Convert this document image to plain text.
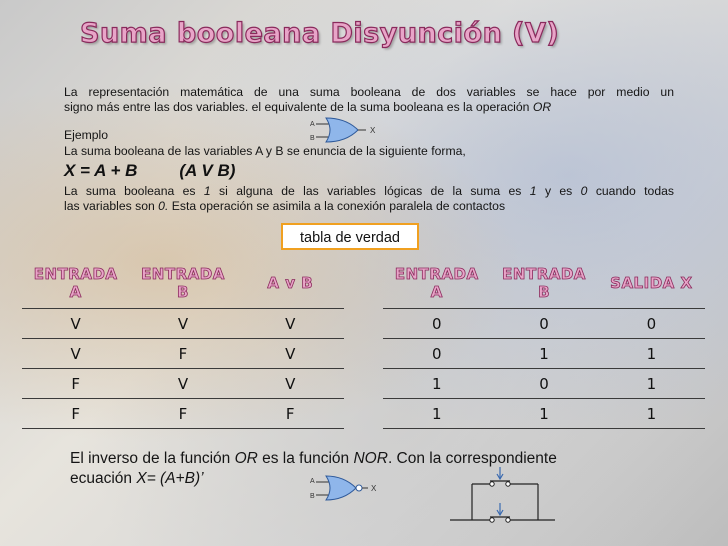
Suma booleana Disyunción (V)
La representación matemática de una suma booleana de dos variables se hace por medio un
signo más entre las dos variables. el equivalente de la suma booleana es la operación OR
A
B
X
Ejemplo
La suma booleana de las variables A y B se enuncia de la siguiente forma,
X = A + B (A V B)
La suma booleana es 1 si alguna de las variables lógicas de la suma es 1 y es 0 cuando todas
las variables son 0. Esta operación se asimila a la conexión paralela de contactos
tabla de verdad
ENTRADA
A	ENTRADA
B	A v B		ENTRADA
A	ENTRADA
B	SALIDA X
V	V	V		0	0	0
V	F	V		0	1	1
F	V	V		1	0	1
F	F	F		1	1	1
El inverso de la función OR es la función NOR. Con la correspondiente
ecuación X= (A+B)’	A
B
X
